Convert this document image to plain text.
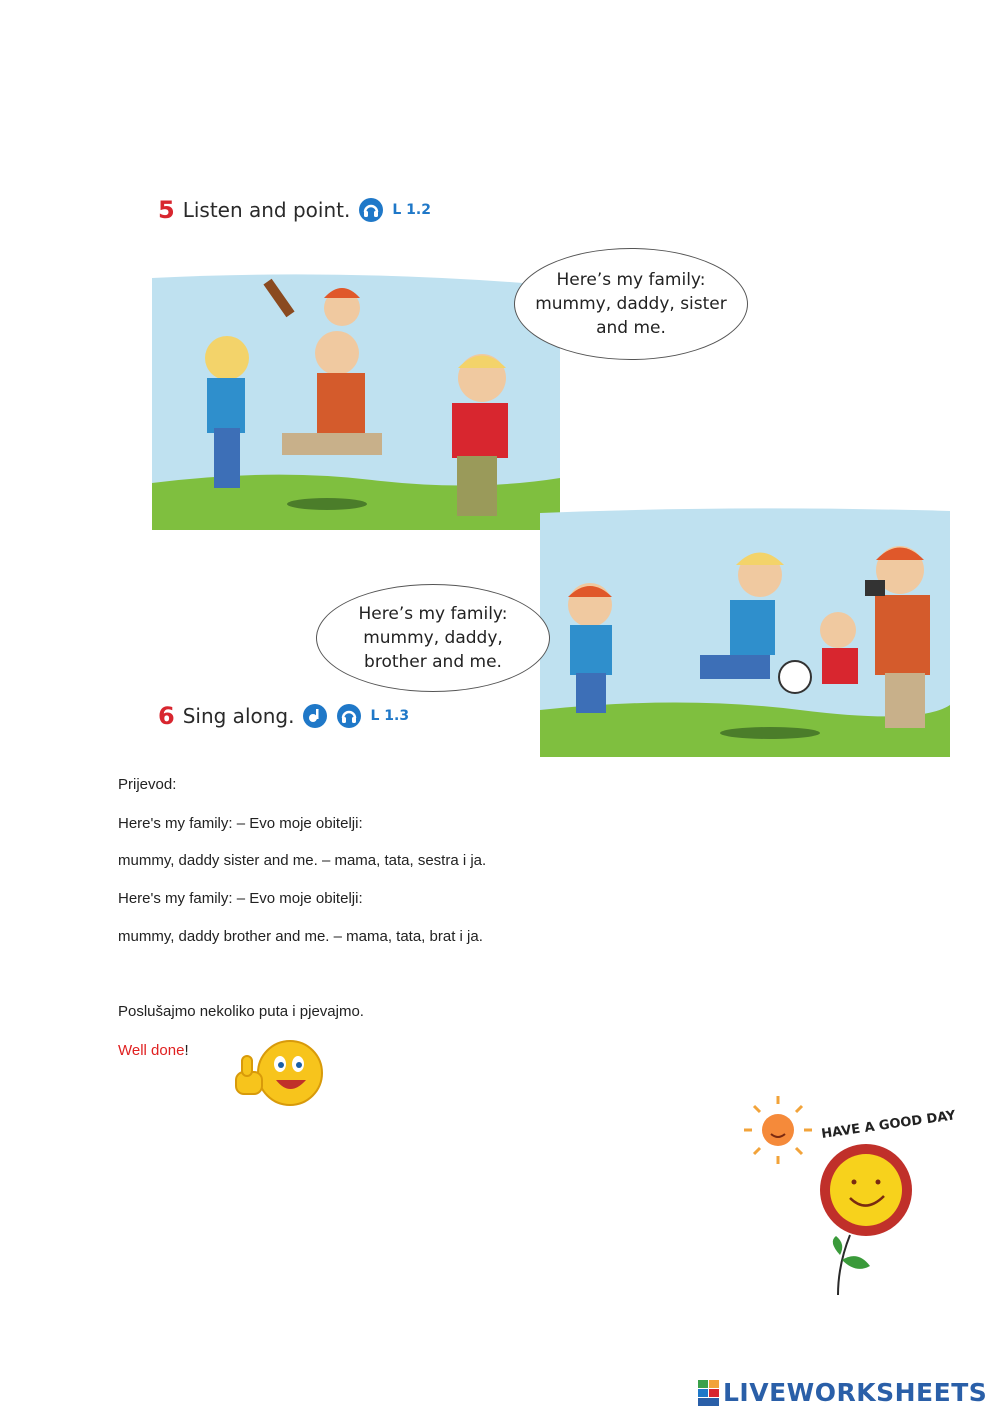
5 Listen and point.	L 1.2
Here’s my family:
mummy, daddy, sister
and me.
Here’s my family:
mummy, daddy,
brother and me.
6 Sing along.	L 1.3
Prijevod:
Here's my family: – Evo moje obitelji:
mummy, daddy sister and me. – mama, tata, sestra i ja.
Here's my family: – Evo moje obitelji:
mummy, daddy brother and me. – mama, tata, brat i ja.
Poslušajmo nekoliko puta i pjevajmo.
Well done!
HAVE A GOOD DAY
LIVEWORKSHEETS
